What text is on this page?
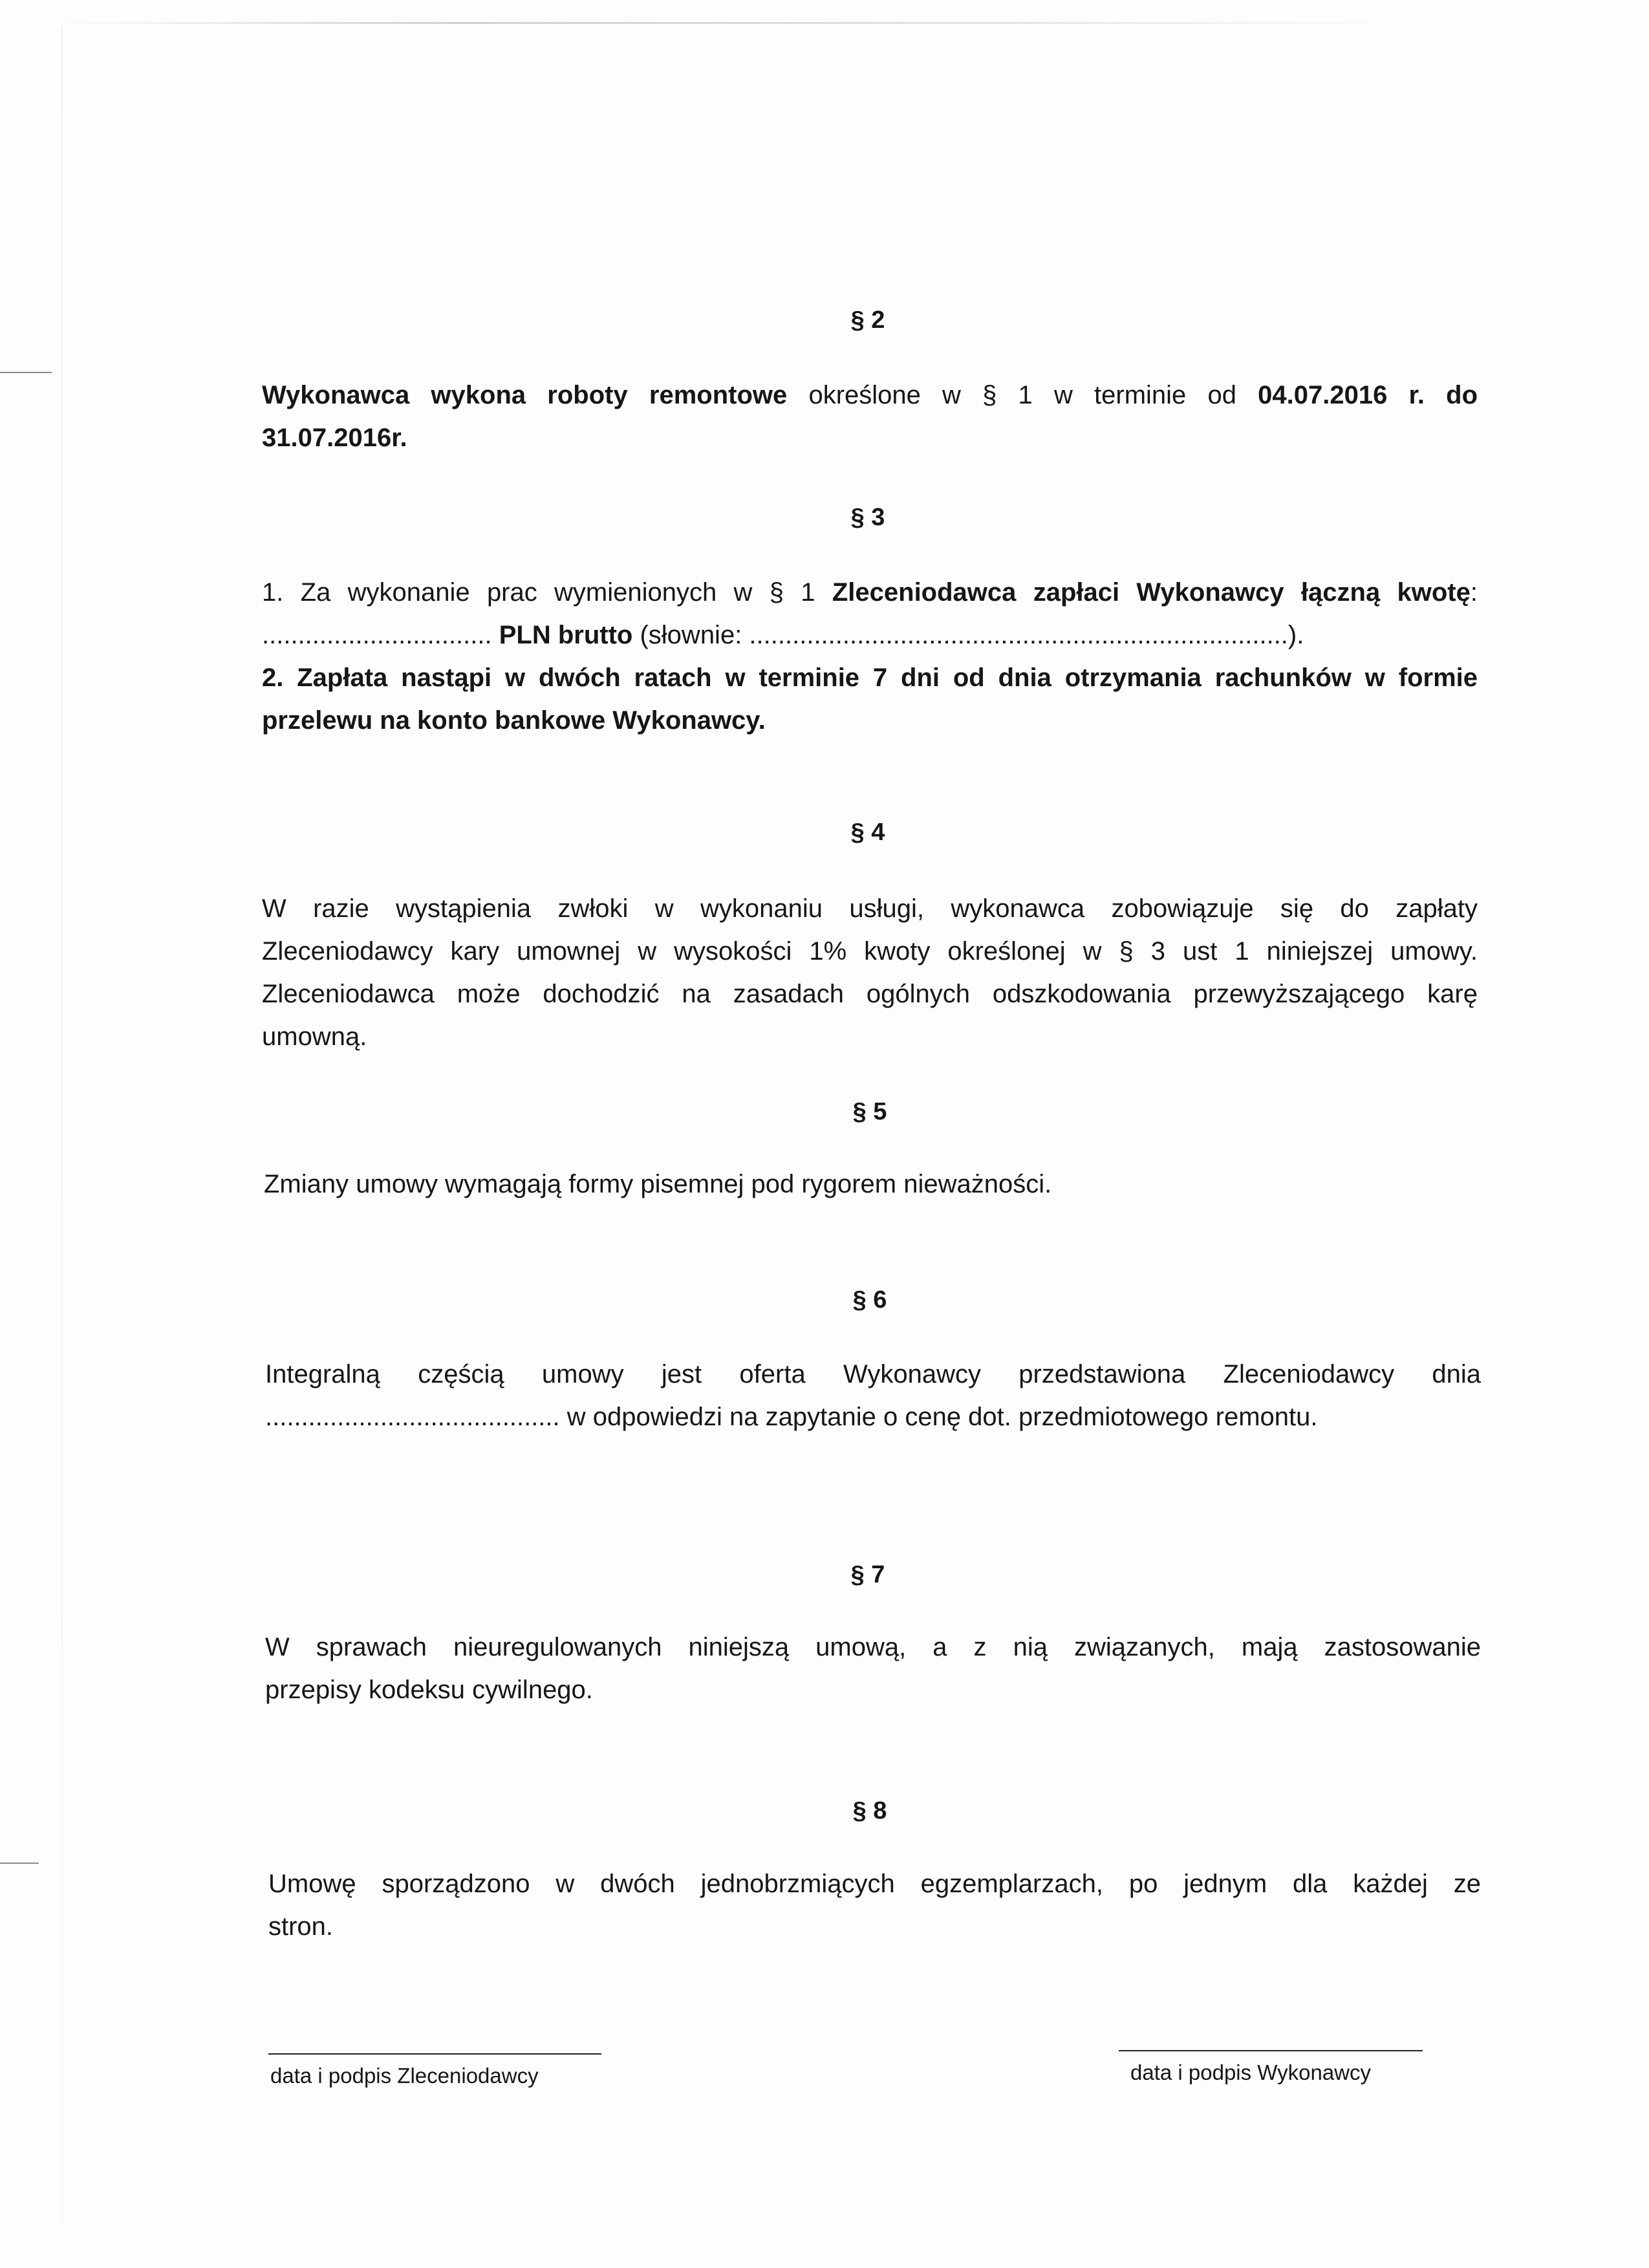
§ 2
Wykonawca wykona roboty remontowe określone w § 1 w terminie od 04.07.2016 r. do
31.07.2016r.
§ 3
1. Za wykonanie prac wymienionych w § 1 Zleceniodawca zapłaci Wykonawcy łączną kwotę:
................................ PLN brutto (słownie: ...........................................................................).
2. Zapłata nastąpi w dwóch ratach w terminie 7 dni od dnia otrzymania rachunków w formie
przelewu na konto bankowe Wykonawcy.
§ 4
W razie wystąpienia zwłoki w wykonaniu usługi, wykonawca zobowiązuje się do zapłaty
Zleceniodawcy kary umownej w wysokości 1% kwoty określonej w § 3 ust 1 niniejszej umowy.
Zleceniodawca może dochodzić na zasadach ogólnych odszkodowania przewyższającego karę
umowną.
§ 5
Zmiany umowy wymagają formy pisemnej pod rygorem nieważności.
§ 6
Integralną częścią umowy jest oferta Wykonawcy przedstawiona Zleceniodawcy dnia
......................................... w odpowiedzi na zapytanie o cenę dot. przedmiotowego remontu.
§ 7
W sprawach nieuregulowanych niniejszą umową, a z nią związanych, mają zastosowanie
przepisy kodeksu cywilnego.
§ 8
Umowę sporządzono w dwóch jednobrzmiących egzemplarzach, po jednym dla każdej ze
stron.
data i podpis Zleceniodawcy	data i podpis Wykonawcy
